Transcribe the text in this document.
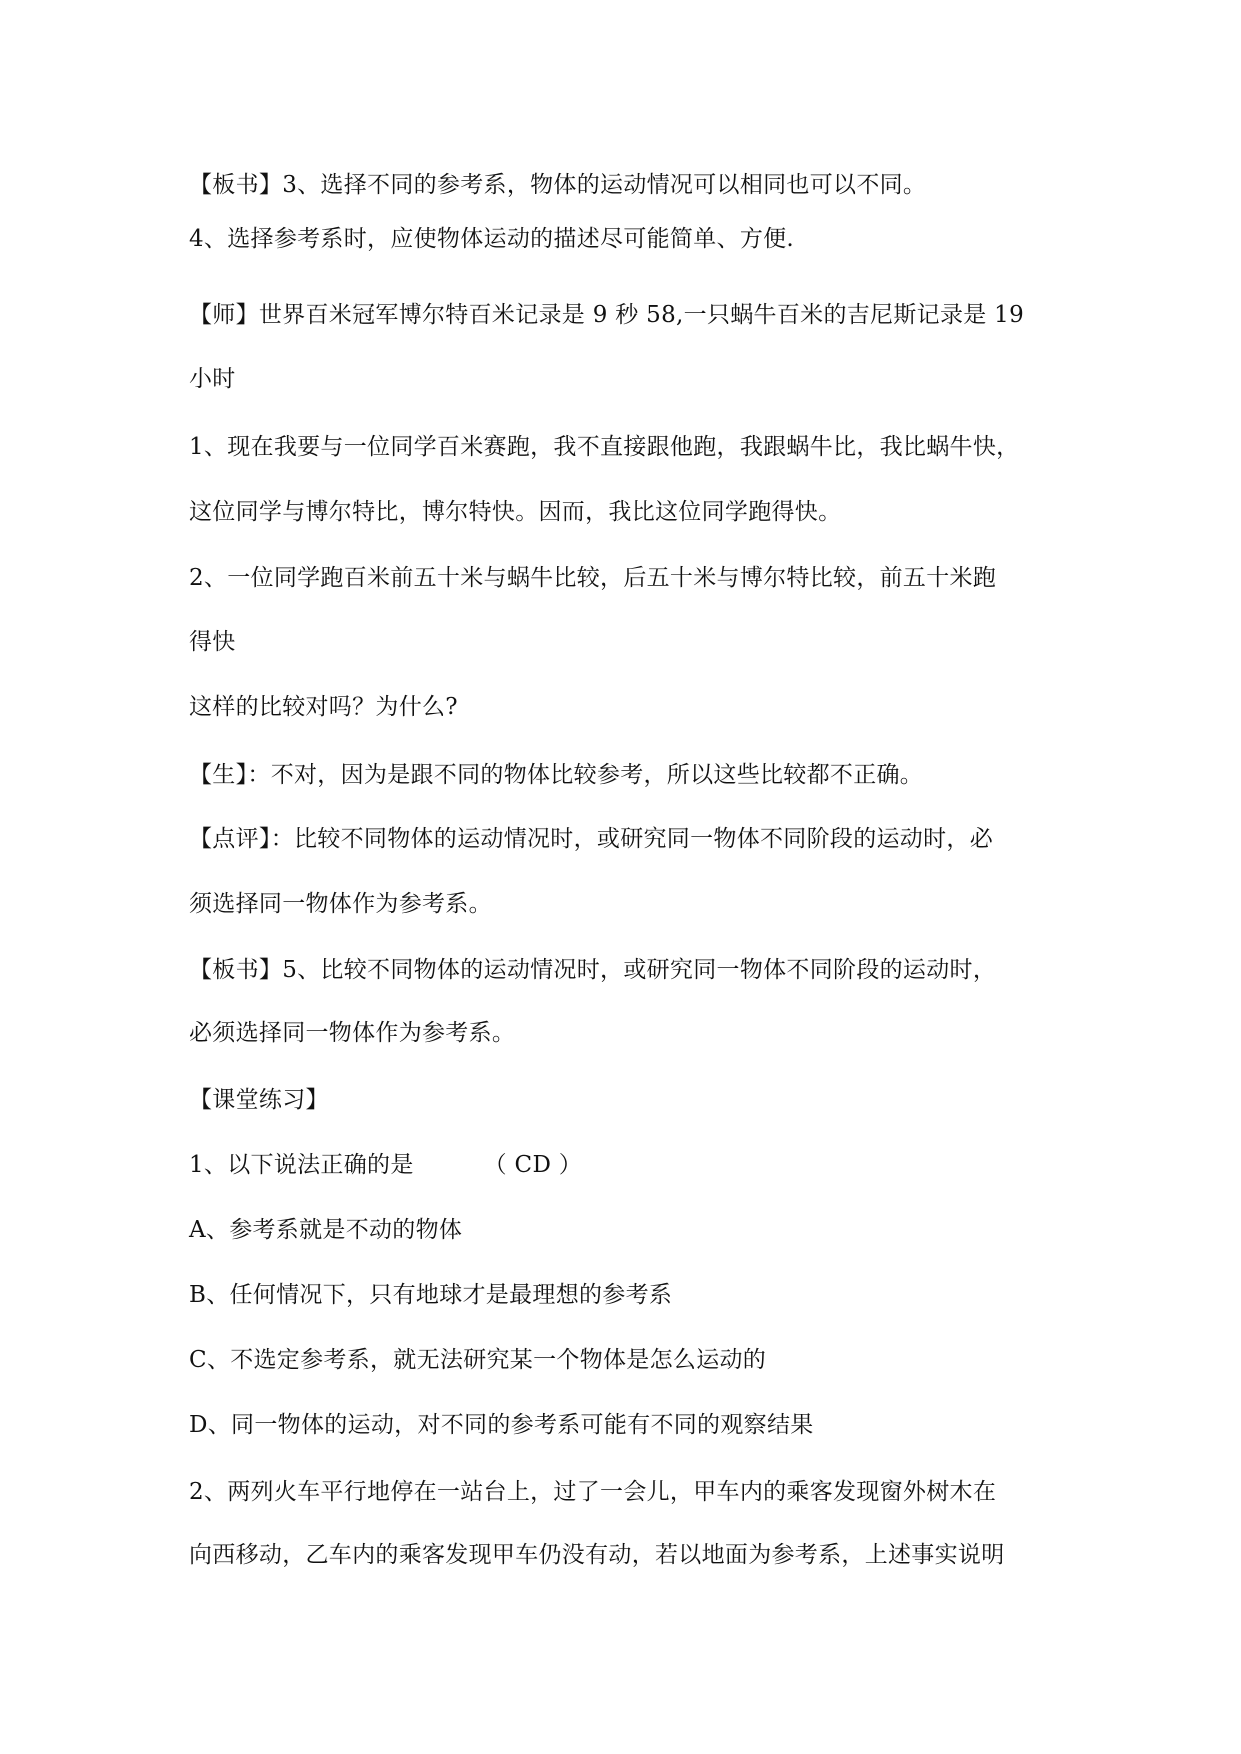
【板书】3、选择不同的参考系，物体的运动情况可以相同也可以不同。
4、选择参考系时，应使物体运动的描述尽可能简单、方便.
【师】世界百米冠军博尔特百米记录是 9 秒 58,一只蜗牛百米的吉尼斯记录是 19
小时
1、现在我要与一位同学百米赛跑，我不直接跟他跑，我跟蜗牛比，我比蜗牛快，
这位同学与博尔特比，博尔特快。因而，我比这位同学跑得快。
2、一位同学跑百米前五十米与蜗牛比较，后五十米与博尔特比较，前五十米跑
得快
这样的比较对吗？为什么?
【生】：不对，因为是跟不同的物体比较参考，所以这些比较都不正确。
【点评】：比较不同物体的运动情况时，或研究同一物体不同阶段的运动时，必
须选择同一物体作为参考系。
【板书】5、比较不同物体的运动情况时，或研究同一物体不同阶段的运动时，
必须选择同一物体作为参考系。
【课堂练习】
1、以下说法正确的是	（ CD ）
A、参考系就是不动的物体
B、任何情况下，只有地球才是最理想的参考系
C、不选定参考系，就无法研究某一个物体是怎么运动的
D、同一物体的运动，对不同的参考系可能有不同的观察结果
2、两列火车平行地停在一站台上，过了一会儿，甲车内的乘客发现窗外树木在
向西移动，乙车内的乘客发现甲车仍没有动，若以地面为参考系，上述事实说明
